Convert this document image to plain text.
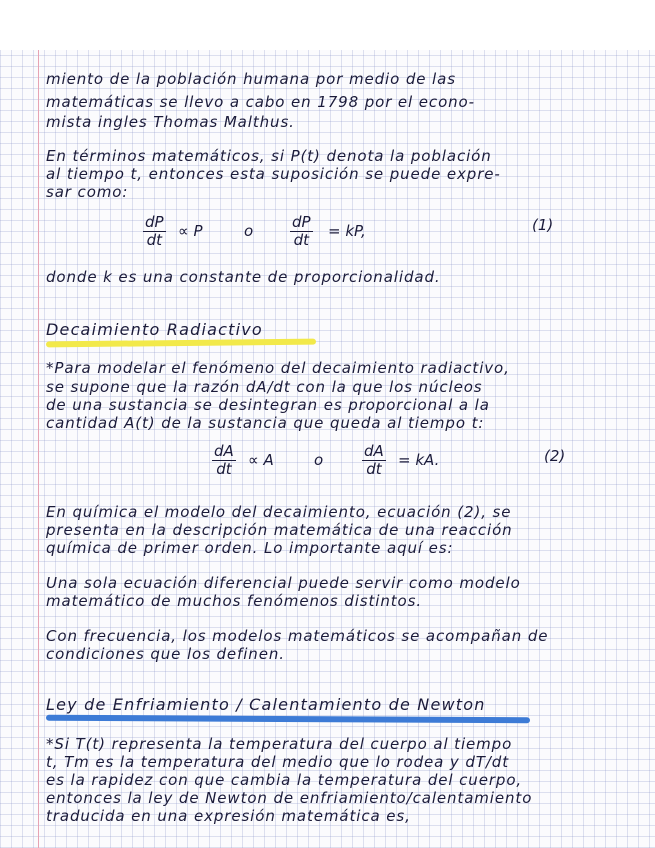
miento de la población humana por medio de las

matemáticas se llevo a cabo en 1798 por el econo-

mista ingles Thomas Malthus.

En términos matemáticos, si P(t) denota la población

al tiempo t, entonces esta suposición se puede expre-

sar como:

$\frac{dP}{dt} \propto P$	o $\frac{dP}{dt}$ = kP,	(1)

donde k es una constante de proporcionalidad.

Decaimiento Radiactivo

*Para modelar el fenómeno del decaimiento radiactivo,

se supone que la razón dA/dt con la que los núcleos

de una sustancia se desintegran es proporcional a la

cantidad A(t) de la sustancia que queda al tiempo t:

$\frac{dA}{dt} \propto A$	o	$\frac{dA}{dt}$ = kA.	(2)

En química el modelo del decaimiento, ecuación (2), se

presenta en la descripción matemática de una reacción

química de primer orden. Lo importante aquí es:

Una sola ecuación diferencial puede servir como modelo

matemático de muchos fenómenos distintos.

Con frecuencia, los modelos matemáticos se acompañan de

condiciones que los definen.

Ley de Enfriamiento / Calentamiento de Newton

*Si T(t) representa la temperatura del cuerpo al tiempo

t, Tm es la temperatura del medio que lo rodea y dT/dt

es la rapidez con que cambia la temperatura del cuerpo,

entonces la ley de Newton de enfriamiento/calentamiento

traducida en una expresión matemática es,
